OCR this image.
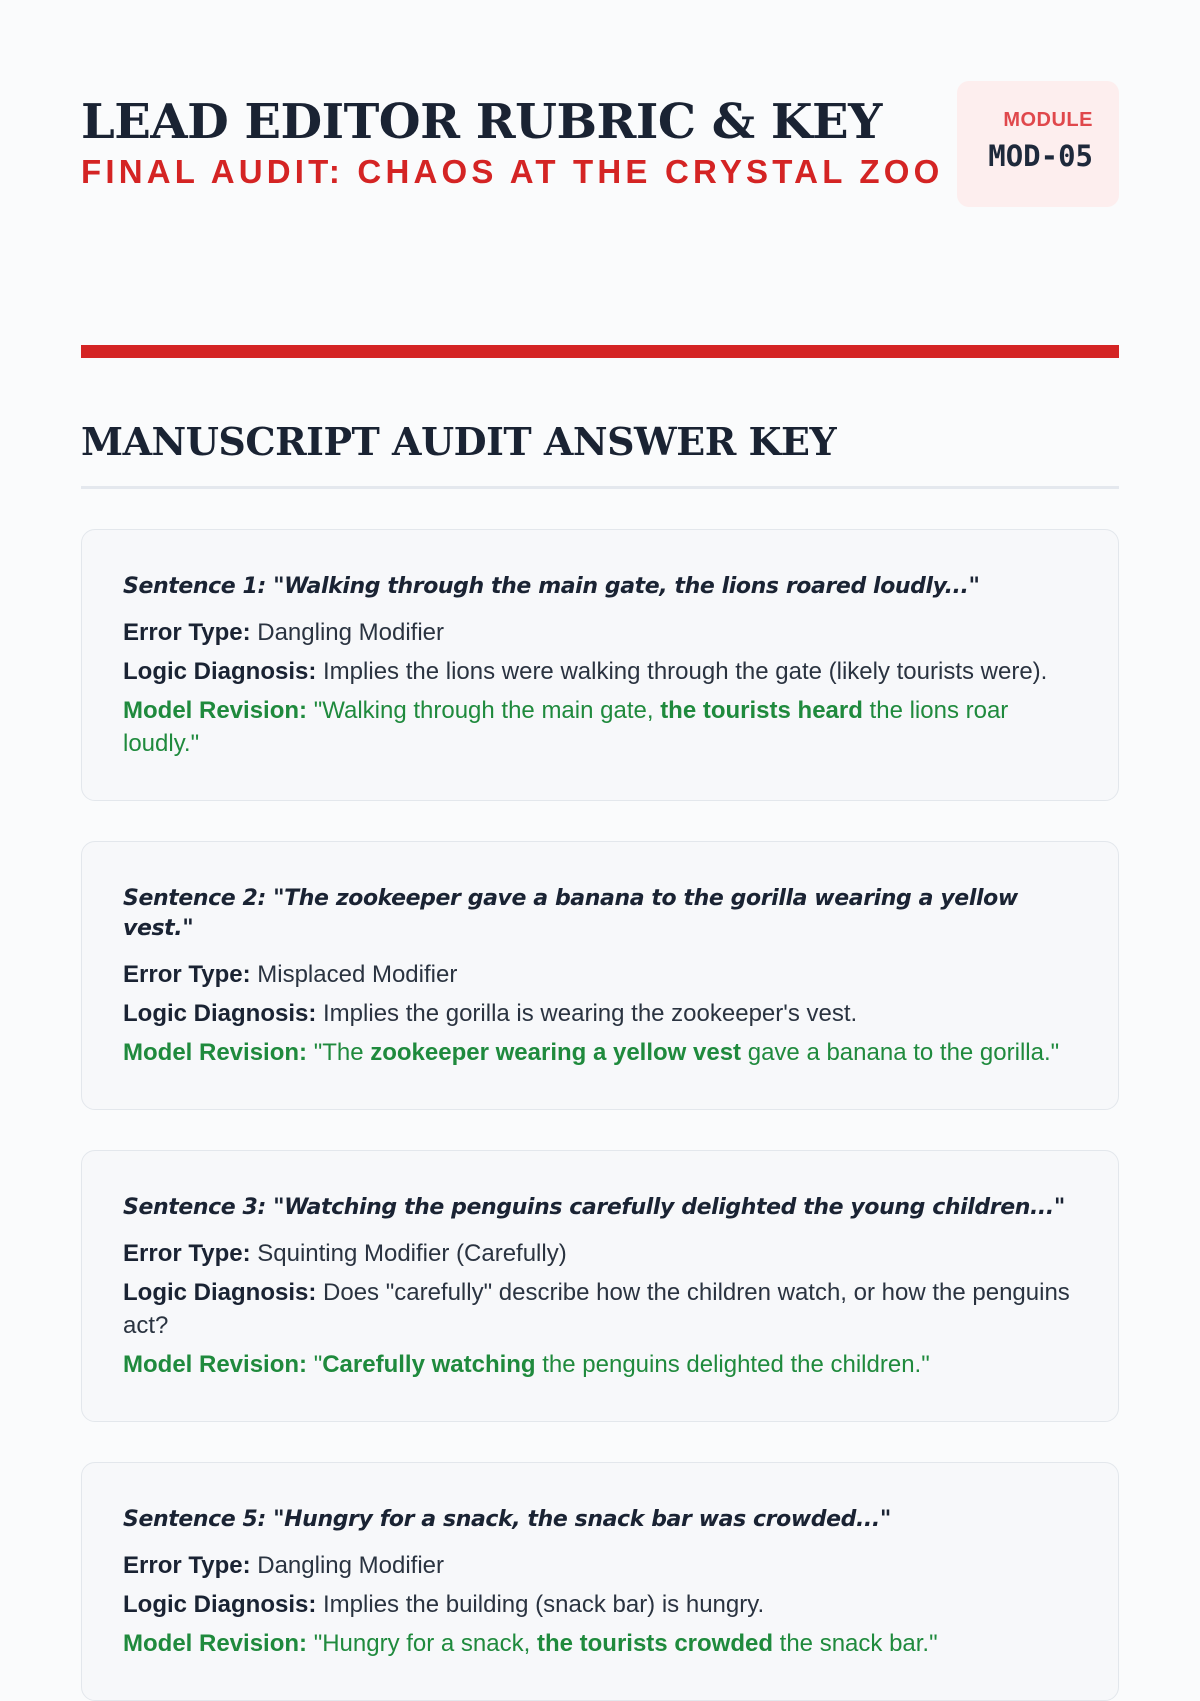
LEAD EDITOR RUBRIC & KEY
FINAL AUDIT: CHAOS AT THE CRYSTAL ZOO
MODULE
MOD-05
MANUSCRIPT AUDIT ANSWER KEY

Sentence 1: "Walking through the main gate, the lions roared loudly..."

Error Type: Dangling Modifier

Logic Diagnosis: Implies the lions were walking through the gate (likely tourists were).

Model Revision: "Walking through the main gate, the tourists heard the lions roar loudly."

Sentence 2: "The zookeeper gave a banana to the gorilla wearing a yellow vest."

Error Type: Misplaced Modifier

Logic Diagnosis: Implies the gorilla is wearing the zookeeper's vest.

Model Revision: "The zookeeper wearing a yellow vest gave a banana to the gorilla."

Sentence 3: "Watching the penguins carefully delighted the young children..."

Error Type: Squinting Modifier (Carefully)

Logic Diagnosis: Does "carefully" describe how the children watch, or how the penguins act?

Model Revision: "Carefully watching the penguins delighted the children."

Sentence 5: "Hungry for a snack, the snack bar was crowded..."

Error Type: Dangling Modifier

Logic Diagnosis: Implies the building (snack bar) is hungry.

Model Revision: "Hungry for a snack, the tourists crowded the snack bar."
